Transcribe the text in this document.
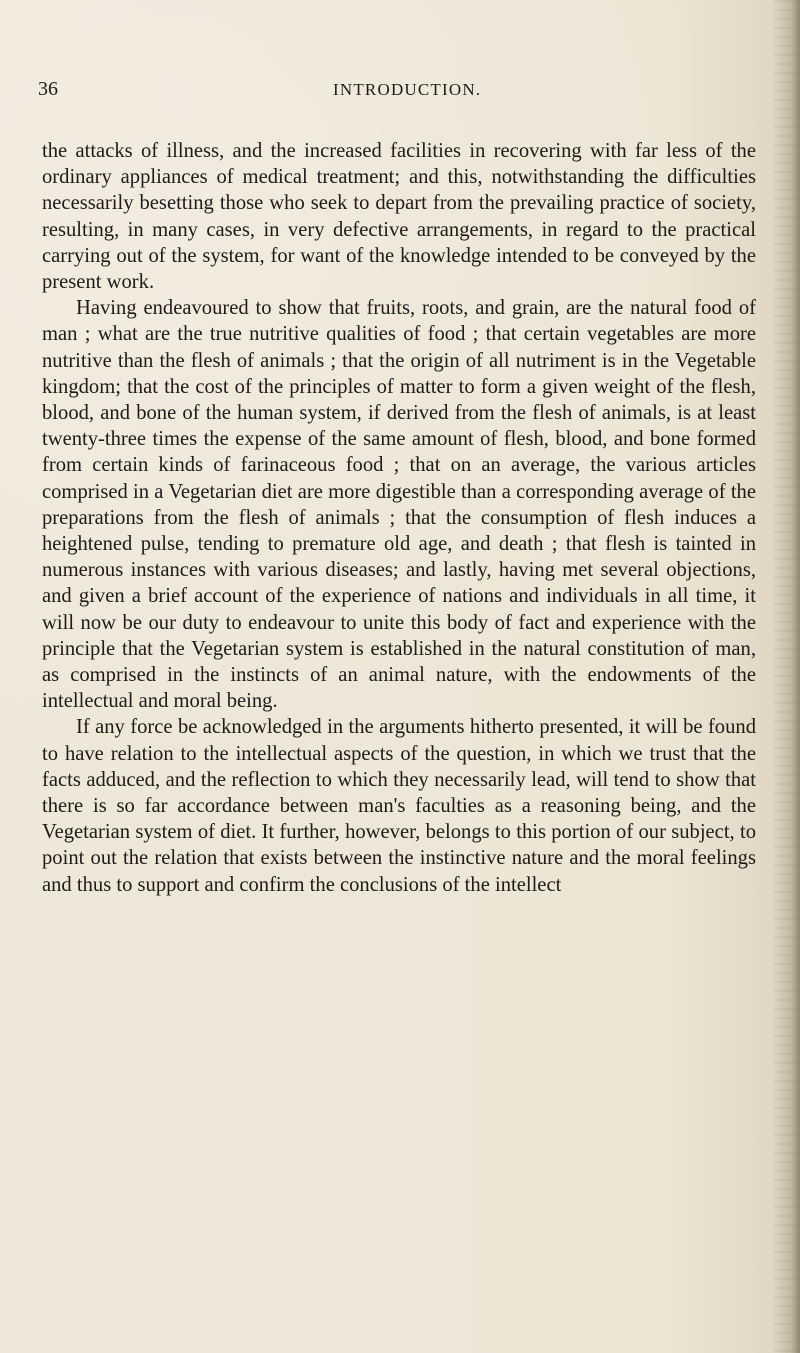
36	INTRODUCTION.

the attacks of illness, and the increased facilities in recovering with far less of the ordinary appliances of medical treatment; and this, notwithstanding the difficulties necessarily besetting those who seek to depart from the prevailing practice of society, resulting, in many cases, in very defective arrangements, in regard to the practical carrying out of the system, for want of the knowledge intended to be conveyed by the present work.

Having endeavoured to show that fruits, roots, and grain, are the natural food of man ; what are the true nutritive qualities of food ; that certain vegetables are more nutritive than the flesh of animals ; that the origin of all nutriment is in the Vegetable kingdom; that the cost of the principles of matter to form a given weight of the flesh, blood, and bone of the human system, if derived from the flesh of animals, is at least twenty-three times the expense of the same amount of flesh, blood, and bone formed from certain kinds of farinaceous food ; that on an average, the various articles comprised in a Vegetarian diet are more digestible than a corresponding average of the preparations from the flesh of animals ; that the consumption of flesh induces a heightened pulse, tending to premature old age, and death ; that flesh is tainted in numerous instances with various diseases; and lastly, having met several objections, and given a brief account of the experience of nations and individuals in all time, it will now be our duty to endeavour to unite this body of fact and experience with the principle that the Vegetarian system is established in the natural constitution of man, as comprised in the instincts of an animal nature, with the endowments of the intellectual and moral being.

If any force be acknowledged in the arguments hitherto presented, it will be found to have relation to the intellectual aspects of the question, in which we trust that the facts adduced, and the reflection to which they necessarily lead, will tend to show that there is so far accordance between man's faculties as a reasoning being, and the Vegetarian system of diet. It further, however, belongs to this portion of our subject, to point out the relation that exists between the instinctive nature and the moral feelings and thus to support and confirm the conclusions of the intellect
